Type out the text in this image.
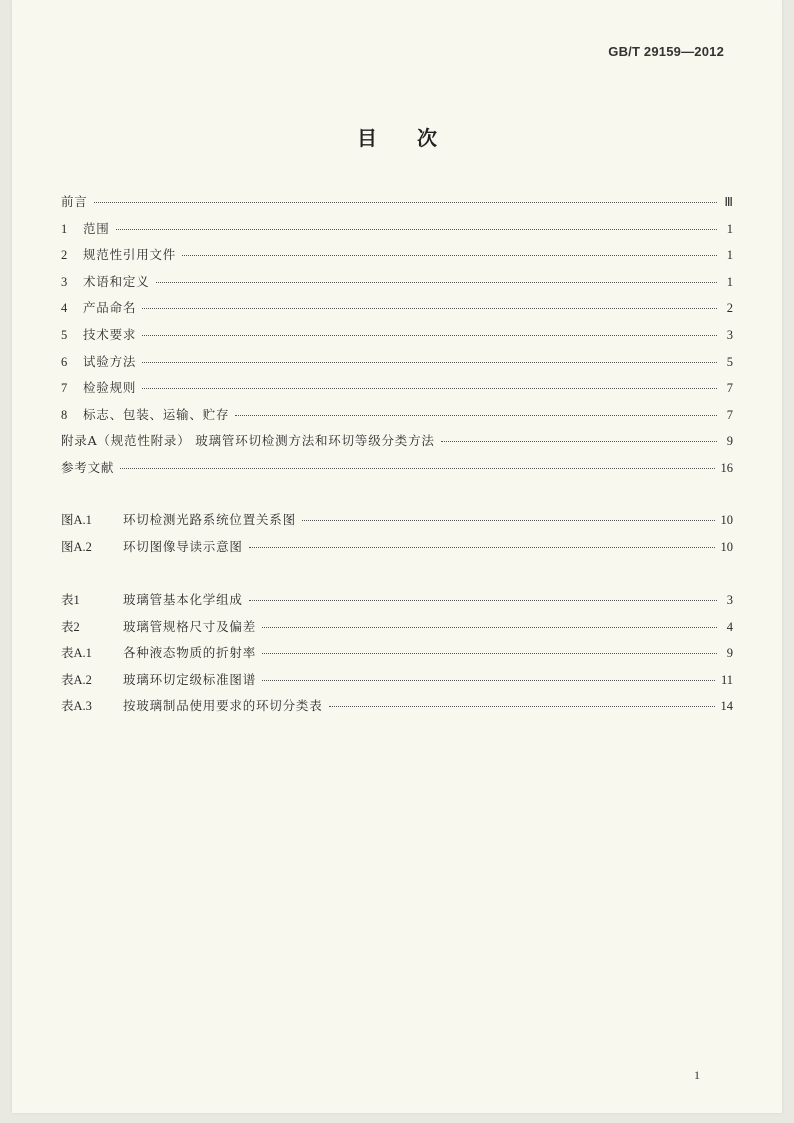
GB/T 29159—2012
目次
前言	Ⅲ
1	范围	1
2	规范性引用文件	1
3	术语和定义	1
4	产品命名	2
5	技术要求	3
6	试验方法	5
7	检验规则	7
8	标志、包装、运输、贮存	7
附录A（规范性附录） 玻璃管环切检测方法和环切等级分类方法	9
参考文献	16
图A.1	环切检测光路系统位置关系图	10
图A.2	环切图像导读示意图	10
表1	玻璃管基本化学组成	3
表2	玻璃管规格尺寸及偏差	4
表A.1	各种液态物质的折射率	9
表A.2	玻璃环切定级标准图谱	11
表A.3	按玻璃制品使用要求的环切分类表	14
1
